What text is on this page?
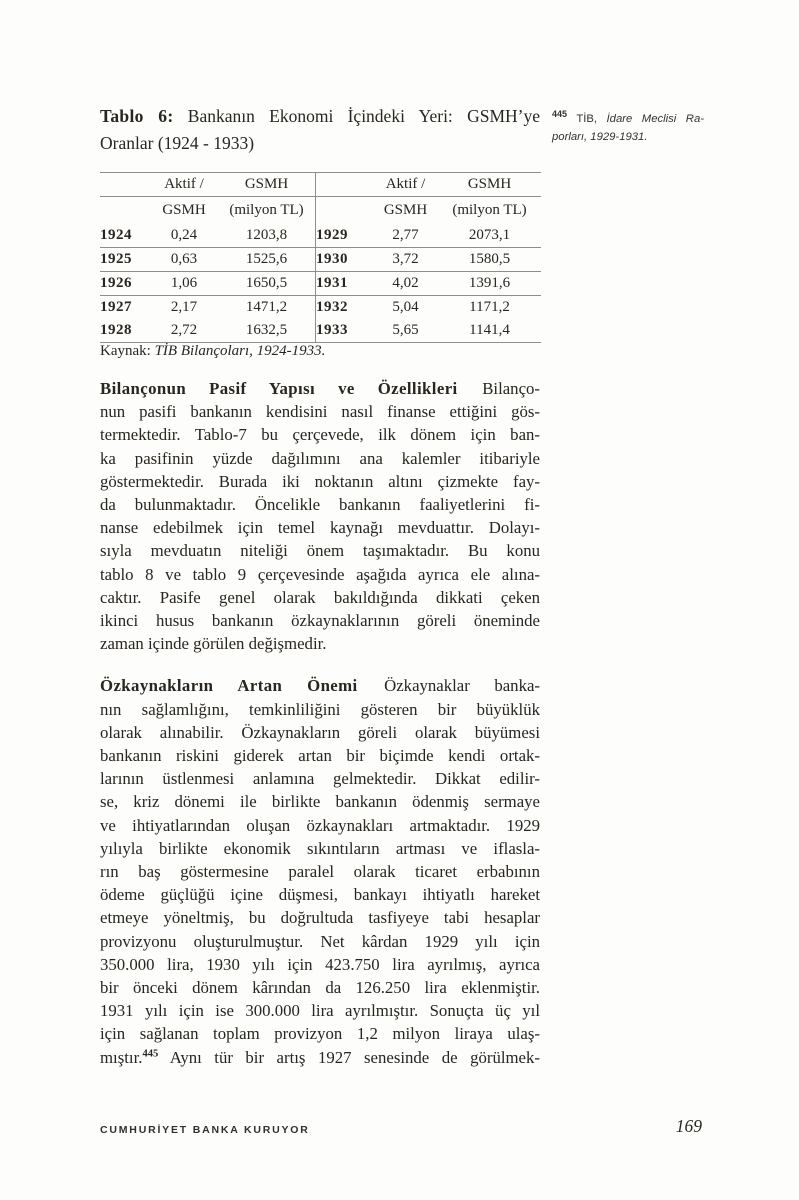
Tablo 6: Bankanın Ekonomi İçindeki Yeri: GSMH’ye
Oranlar (1924 - 1933)
$^{445}$ TİB, İdare Meclisi Ra-
porları, 1929-1931.
	Aktif /	GSMH		Aktif /	GSMH
	GSMH	(milyon TL)		GSMH	(milyon TL)
1924	0,24	1203,8	1929	2,77	2073,1
1925	0,63	1525,6	1930	3,72	1580,5
1926	1,06	1650,5	1931	4,02	1391,6
1927	2,17	1471,2	1932	5,04	1171,2
1928	2,72	1632,5	1933	5,65	1141,4
Kaynak: TİB Bilançoları, 1924-1933.
Bilançonun Pasif Yapısı ve Özellikleri Bilanço-
nun pasifi bankanın kendisini nasıl finanse ettiğini gös-
termektedir. Tablo-7 bu çerçevede, ilk dönem için ban-
ka pasifinin yüzde dağılımını ana kalemler itibariyle
göstermektedir. Burada iki noktanın altını çizmekte fay-
da bulunmaktadır. Öncelikle bankanın faaliyetlerini fi-
nanse edebilmek için temel kaynağı mevduattır. Dolayı-
sıyla mevduatın niteliği önem taşımaktadır. Bu konu
tablo 8 ve tablo 9 çerçevesinde aşağıda ayrıca ele alına-
caktır. Pasife genel olarak bakıldığında dikkati çeken
ikinci husus bankanın özkaynaklarının göreli öneminde
zaman içinde görülen değişmedir.
Özkaynakların Artan Önemi Özkaynaklar banka-
nın sağlamlığını, temkinliliğini gösteren bir büyüklük
olarak alınabilir. Özkaynakların göreli olarak büyümesi
bankanın riskini giderek artan bir biçimde kendi ortak-
larının üstlenmesi anlamına gelmektedir. Dikkat edilir-
se, kriz dönemi ile birlikte bankanın ödenmiş sermaye
ve ihtiyatlarından oluşan özkaynakları artmaktadır. 1929
yılıyla birlikte ekonomik sıkıntıların artması ve iflasla-
rın baş göstermesine paralel olarak ticaret erbabının
ödeme güçlüğü içine düşmesi, bankayı ihtiyatlı hareket
etmeye yöneltmiş, bu doğrultuda tasfiyeye tabi hesaplar
provizyonu oluşturulmuştur. Net kârdan 1929 yılı için
350.000 lira, 1930 yılı için 423.750 lira ayrılmış, ayrıca
bir önceki dönem kârından da 126.250 lira eklenmiştir.
1931 yılı için ise 300.000 lira ayrılmıştır. Sonuçta üç yıl
için sağlanan toplam provizyon 1,2 milyon liraya ulaş-
mıştır.$^{445}$ Aynı tür bir artış 1927 senesinde de görülmek-
CUMHURİYET BANKA KURUYOR	169
